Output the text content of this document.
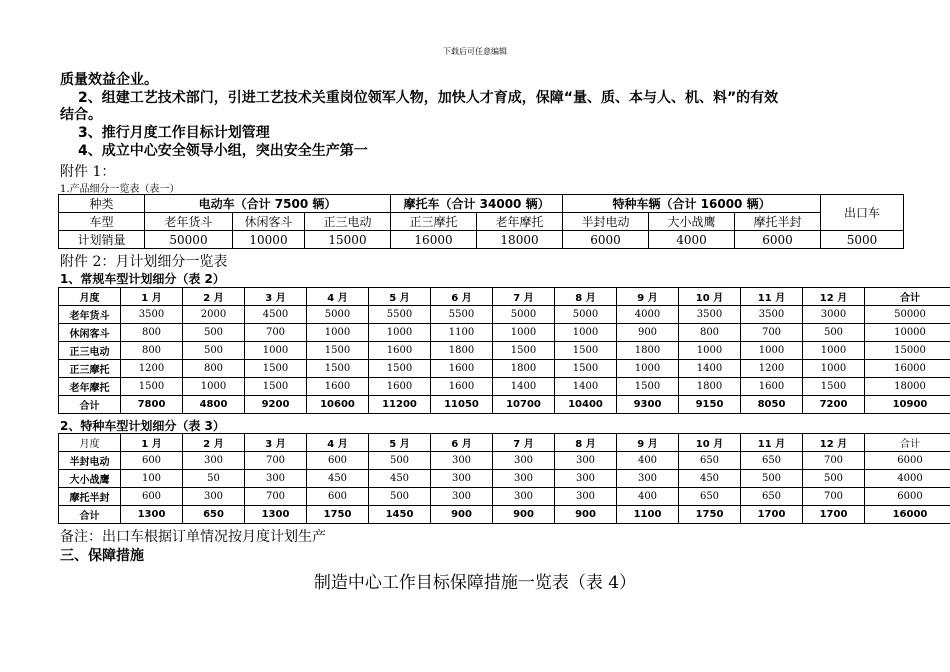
下载后可任意编辑
质量效益企业。
2、组建工艺技术部门，引进工艺技术关重岗位领军人物，加快人才育成，保障“量、质、本与人、机、料”的有效
结合。
3、推行月度工作目标计划管理
4、成立中心安全领导小组，突出安全生产第一
附件 1：
1.产品细分一览表（表一）
种类	电动车（合计 7500 辆）			摩托车（合计 34000 辆）		特种车辆（合计 16000 辆）			出口车
车型	老年货斗	休闲客斗	正三电动	正三摩托	老年摩托	半封电动	大小战鹰	摩托半封	
计划销量	50000	10000	15000	16000	18000	6000	4000	6000	5000
附件 2：月计划细分一览表
1、常规车型计划细分（表 2）
月度	1 月	2 月	3 月	4 月	5 月	6 月	7 月	8 月	9 月	10 月	11 月	12 月	合计
老年货斗	3500	2000	4500	5000	5500	5500	5000	5000	4000	3500	3500	3000	50000
休闲客斗	800	500	700	1000	1000	1100	1000	1000	900	800	700	500	10000
正三电动	800	500	1000	1500	1600	1800	1500	1500	1800	1000	1000	1000	15000
正三摩托	1200	800	1500	1500	1500	1600	1800	1500	1000	1400	1200	1000	16000
老年摩托	1500	1000	1500	1600	1600	1600	1400	1400	1500	1800	1600	1500	18000
合计	7800	4800	9200	10600	11200	11050	10700	10400	9300	9150	8050	7200	10900
2、特种车型计划细分（表 3）
月度	1 月	2 月	3 月	4 月	5 月	6 月	7 月	8 月	9 月	10 月	11 月	12 月	合计
半封电动	600	300	700	600	500	300	300	300	400	650	650	700	6000
大小战鹰	100	50	300	450	450	300	300	300	300	450	500	500	4000
摩托半封	600	300	700	600	500	300	300	300	400	650	650	700	6000
合计	1300	650	1300	1750	1450	900	900	900	1100	1750	1700	1700	16000
备注：出口车根据订单情况按月度计划生产
三、保障措施
制造中心工作目标保障措施一览表（表 4）
